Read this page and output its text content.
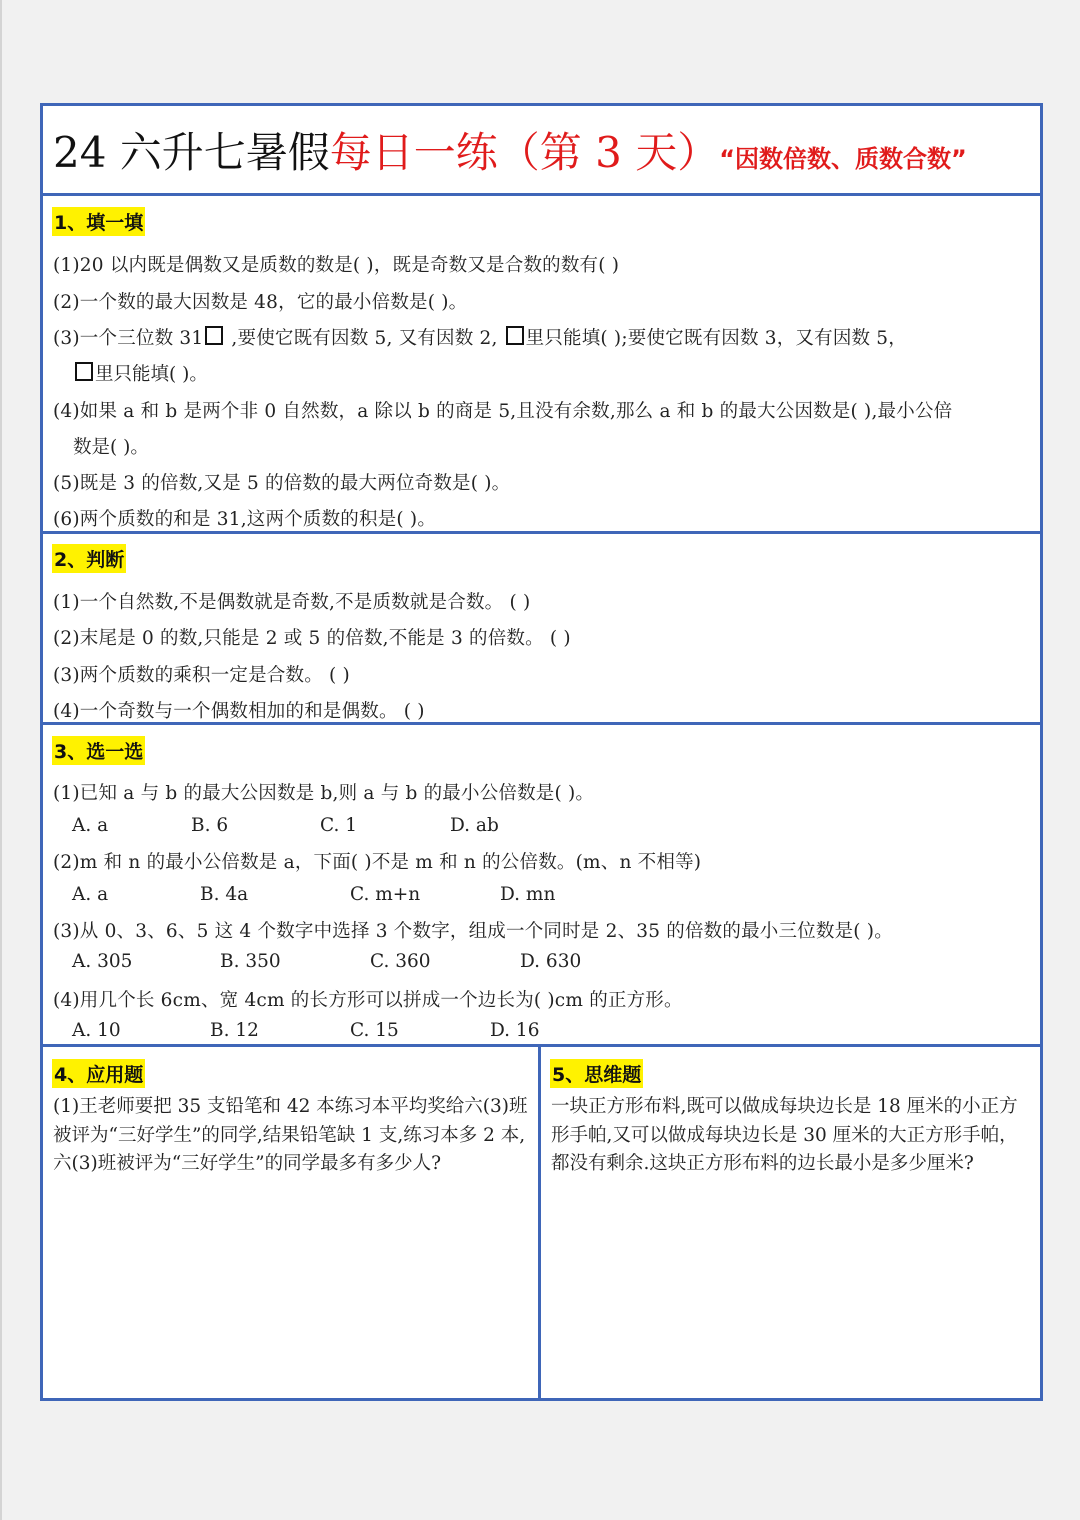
24 六升七暑假每日一练（第 3 天）“因数倍数、质数合数”
1、填一填
(1)20 以内既是偶数又是质数的数是( )，既是奇数又是合数的数有( )
(2)一个数的最大因数是 48，它的最小倍数是( )。
(3)一个三位数 31 ,要使它既有因数 5, 又有因数 2, 里只能填( );要使它既有因数 3，又有因数 5，
里只能填( )。
(4)如果 a 和 b 是两个非 0 自然数，a 除以 b 的商是 5,且没有余数,那么 a 和 b 的最大公因数是( ),最小公倍
数是( )。
(5)既是 3 的倍数,又是 5 的倍数的最大两位奇数是( )。
(6)两个质数的和是 31,这两个质数的积是( )。
2、判断
(1)一个自然数,不是偶数就是奇数,不是质数就是合数。 ( )
(2)末尾是 0 的数,只能是 2 或 5 的倍数,不能是 3 的倍数。 ( )
(3)两个质数的乘积一定是合数。 ( )
(4)一个奇数与一个偶数相加的和是偶数。 ( )
3、选一选
(1)已知 a 与 b 的最大公因数是 b,则 a 与 b 的最小公倍数是( )。
A. a	B. 6	C. 1	D. ab
(2)m 和 n 的最小公倍数是 a，下面( )不是 m 和 n 的公倍数。(m、n 不相等)
A. a	B. 4a	C. m+n	D. mn
(3)从 0、3、6、5 这 4 个数字中选择 3 个数字，组成一个同时是 2、35 的倍数的最小三位数是( )。
A. 305	B. 350	C. 360	D. 630
(4)用几个长 6cm、宽 4cm 的长方形可以拼成一个边长为( )cm 的正方形。
A. 10	B. 12	C. 15	D. 16
4、应用题
(1)王老师要把 35 支铅笔和 42 本练习本平均奖给六(3)班被评为“三好学生”的同学,结果铅笔缺 1 支,练习本多 2 本,六(3)班被评为“三好学生”的同学最多有多少人?
5、思维题
一块正方形布料,既可以做成每块边长是 18 厘米的小正方形手帕,又可以做成每块边长是 30 厘米的大正方形手帕，都没有剩余.这块正方形布料的边长最小是多少厘米?
